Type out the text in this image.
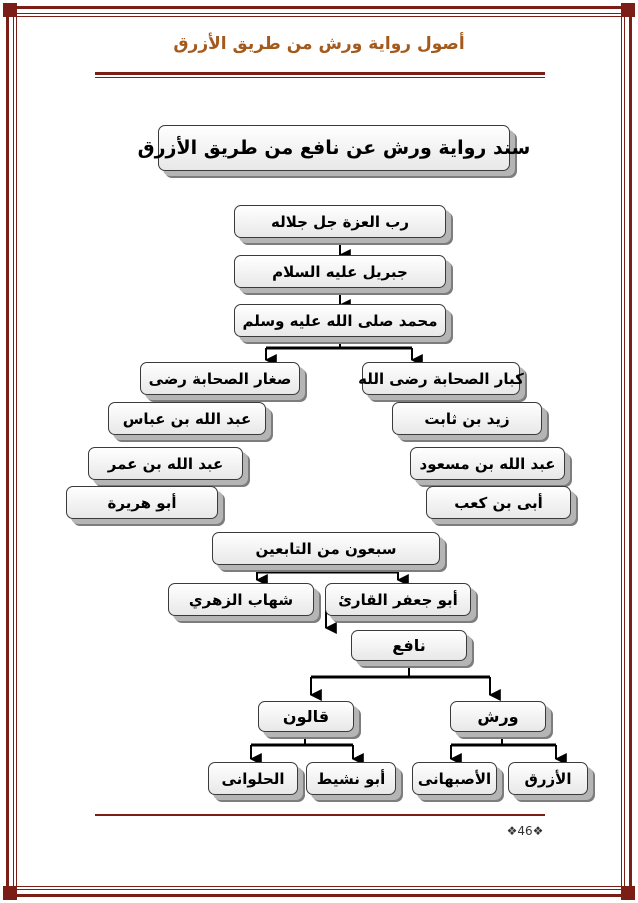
أصول رواية ورش من طريق الأزرق
سند رواية ورش عن نافع من طريق الأزرق
رب العزة جل جلاله
جبريل عليه السلام
محمد صلى الله عليه وسلم
كبار الصحابة رضى الله
صغار الصحابة رضى
زيد بن ثابت
عبد الله بن عباس
عبد الله بن مسعود
عبد الله بن عمر
أبى بن كعب
أبو هريرة
سبعون من التابعين
أبو جعفر القارئ
شهاب الزهري
نافع
ورش
قالون
الأزرق
الأصبهانى
أبو نشيط
الحلوانى
❖46❖
